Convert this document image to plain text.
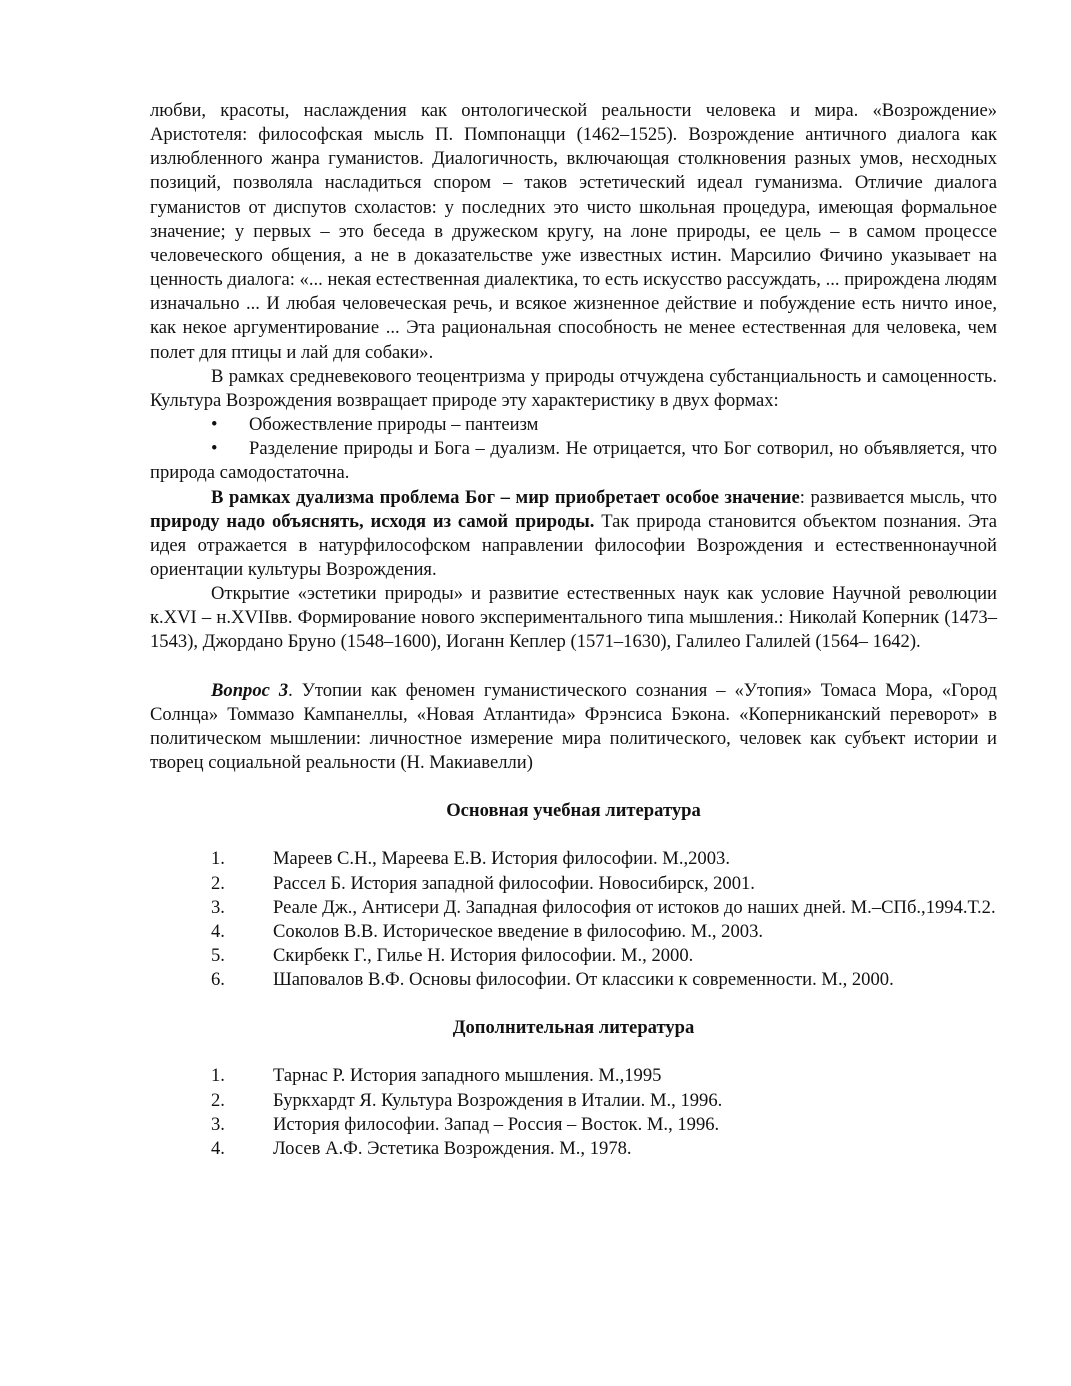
любви, красоты, наслаждения как онтологической реальности человека и мира. «Возрождение» Аристотеля: философская мысль П. Помпонацци (1462–1525). Возрождение античного диалога как излюбленного жанра гуманистов. Диалогичность, включающая столкновения разных умов, несходных позиций, позволяла насладиться спором – таков эстетический идеал гуманизма. Отличие диалога гуманистов от диспутов схоластов: у последних это чисто школьная процедура, имеющая формальное значение; у первых – это беседа в дружеском кругу, на лоне природы, ее цель – в самом процессе человеческого общения, а не в доказательстве уже известных истин. Марсилио Фичино указывает на ценность диалога: «... некая естественная диалектика, то есть искусство рассуждать, ... прирождена людям изначально ... И любая человеческая речь, и всякое жизненное действие и побуждение есть ничто иное, как некое аргументирование ... Эта рациональная способность не менее естественная для человека, чем полет для птицы и лай для собаки».

В рамках средневекового теоцентризма у природы отчуждена субстанциальность и самоценность. Культура Возрождения возвращает природе эту характеристику в двух формах:

• Обожествление природы – пантеизм

• Разделение природы и Бога – дуализм. Не отрицается, что Бог сотворил, но объявляется, что природа самодостаточна.

В рамках дуализма проблема Бог – мир приобретает особое значение: развивается мысль, что природу надо объяснять, исходя из самой природы. Так природа становится объектом познания. Эта идея отражается в натурфилософском направлении философии Возрождения и естественнонаучной ориентации культуры Возрождения.

Открытие «эстетики природы» и развитие естественных наук как условие Научной революции к.XVI – н.XVIIвв. Формирование нового экспериментального типа мышления.: Николай Коперник (1473–1543), Джордано Бруно (1548–1600), Иоганн Кеплер (1571–1630), Галилео Галилей (1564– 1642).

Вопрос 3. Утопии как феномен гуманистического сознания – «Утопия» Томаса Мора, «Город Солнца» Томмазо Кампанеллы, «Новая Атлантида» Фрэнсиса Бэкона. «Коперниканский переворот» в политическом мышлении: личностное измерение мира политического, человек как субъект истории и творец социальной реальности (Н. Макиавелли)

Основная учебная литература

1.	Мареев С.Н., Мареева Е.В. История философии. М.,2003.

2.	Рассел Б. История западной философии. Новосибирск, 2001.

3.	Реале Дж., Антисери Д. Западная философия от истоков до наших дней. М.–СПб.,1994.Т.2.

4.	Соколов В.В. Историческое введение в философию. М., 2003.

5.	Скирбекк Г., Гилье Н. История философии. М., 2000.

6.	Шаповалов В.Ф. Основы философии. От классики к современности. М., 2000.

Дополнительная литература

1.	Тарнас Р. История западного мышления. М.,1995

2.	Буркхардт Я. Культура Возрождения в Италии. М., 1996.

3.	История философии. Запад – Россия – Восток. М., 1996.

4.	Лосев А.Ф. Эстетика Возрождения. М., 1978.
